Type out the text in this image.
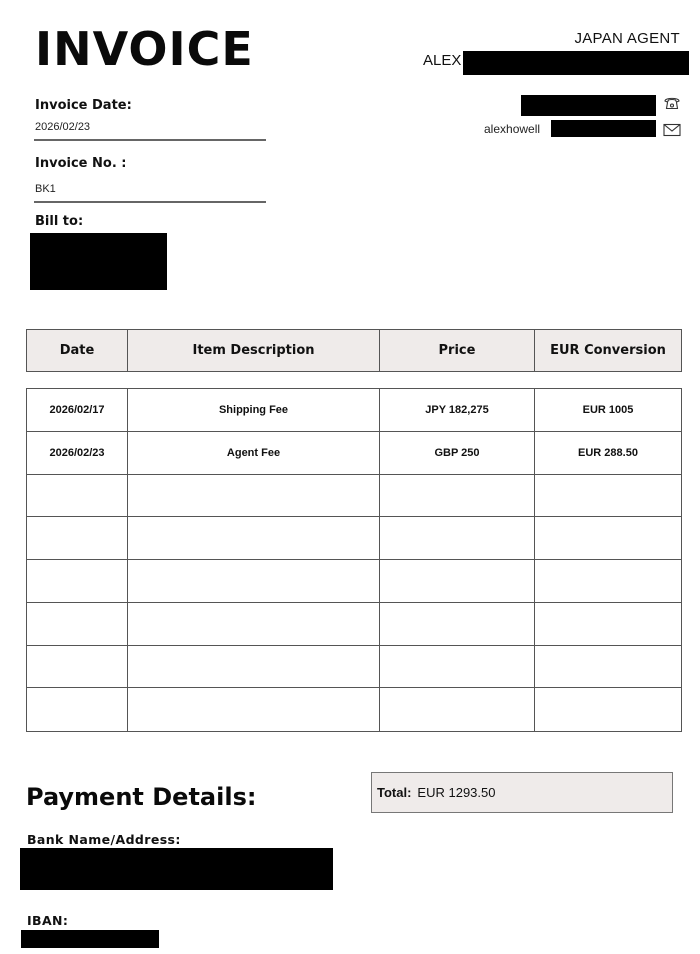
INVOICE
Invoice Date:
2026/02/23
Invoice No. :
BK1
Bill to:
JAPAN AGENT
ALEX
alexhowell
Date	Item Description	Price	EUR Conversion
2026/02/17	Shipping Fee	JPY 182,275	EUR 1005
2026/02/23	Agent Fee	GBP 250	EUR 288.50
Total: EUR 1293.50
Payment Details:
Bank Name/Address:
IBAN:
